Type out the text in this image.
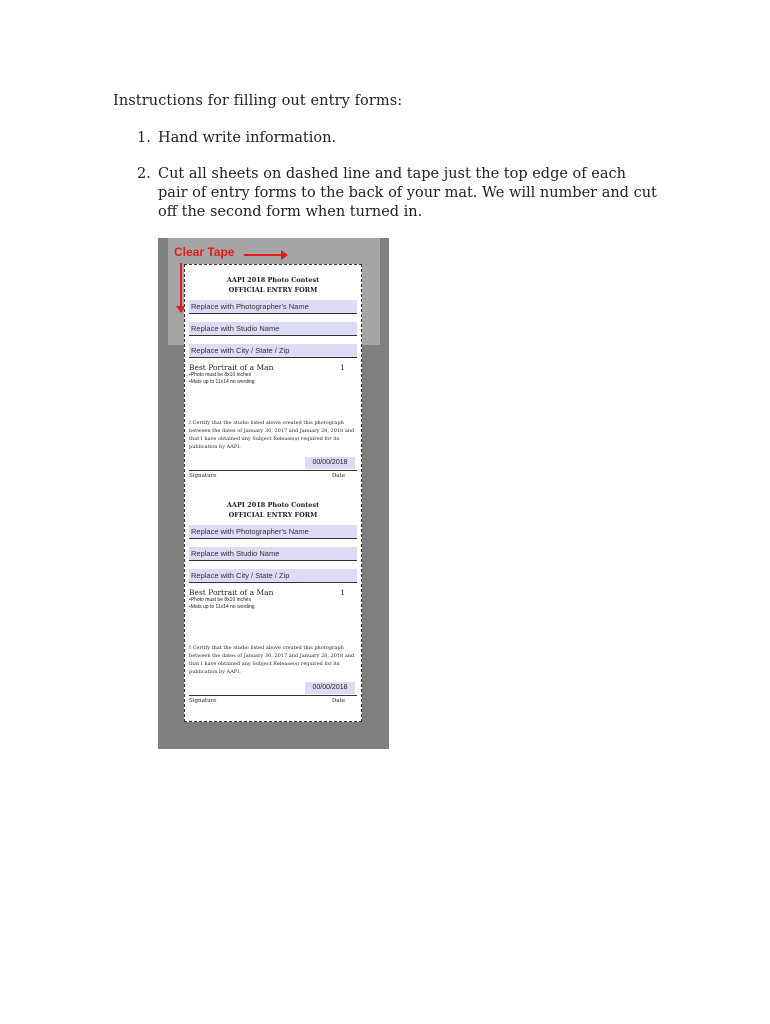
Instructions for filling out entry forms:
1. Hand write information.
2. Cut all sheets on dashed line and tape just the top edge of each pair of entry forms to the back of your mat. We will number and cut off the second form when turned in.
Clear Tape
AAPI 2018 Photo Contest
OFFICIAL ENTRY FORM
Replace with Photographer's Name
Replace with Studio Name
Replace with City / State / Zip
Best Portrait of a Man	1
•Photo must be 8x10 inches
•Mats up to 11x14 no wording
I Certify that the studio listed above created this photograph between the dates of January 30, 2017 and January 28, 2018 and that I have obtained any Subject Release(s) required for its publication by AAPI.
00/00/2018
Signature	Date
AAPI 2018 Photo Contest
OFFICIAL ENTRY FORM
Replace with Photographer's Name
Replace with Studio Name
Replace with City / State / Zip
Best Portrait of a Man	1
•Photo must be 8x10 inches
•Mats up to 11x14 no wording
I Certify that the studio listed above created this photograph between the dates of January 30, 2017 and January 28, 2018 and that I have obtained any Subject Release(s) required for its publication by AAPI.
00/00/2018
Signature	Date
